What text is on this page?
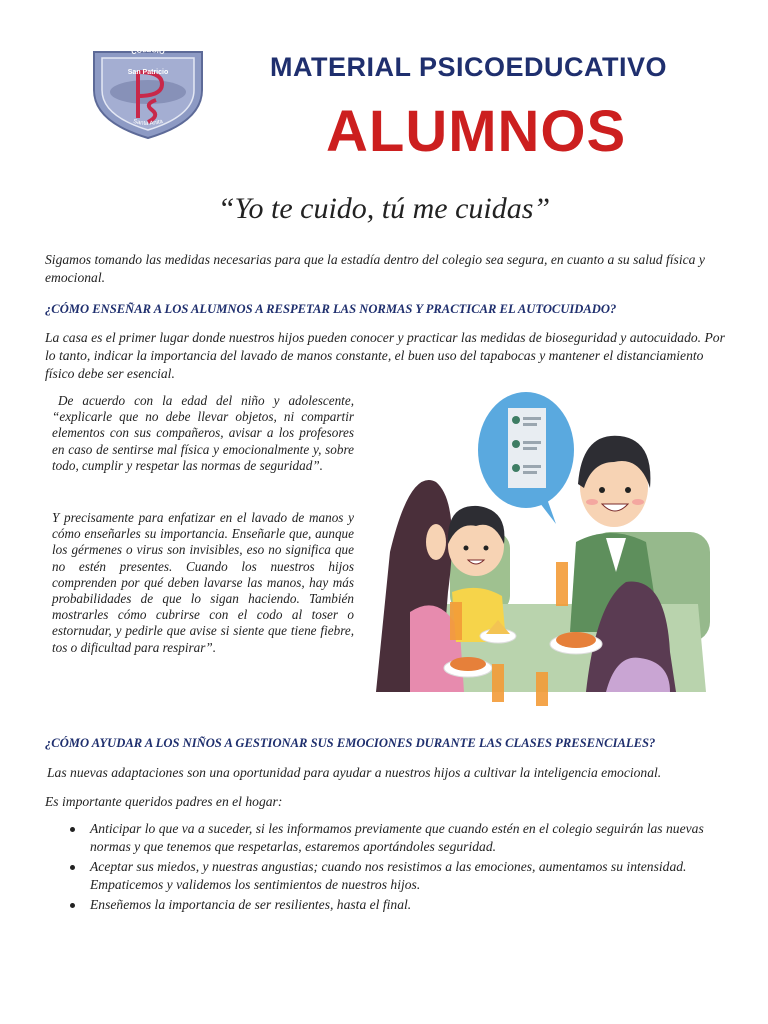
COLEGIO
San Patricio
Santa Anita
MATERIAL PSICOEDUCATIVO
ALUMNOS
“Yo te cuido, tú me cuidas”
Sigamos tomando las medidas necesarias para que la estadía dentro del colegio sea segura, en cuanto a su salud física y emocional.
¿CÓMO ENSEÑAR A LOS ALUMNOS A RESPETAR LAS NORMAS Y PRACTICAR EL AUTOCUIDADO?
La casa es el primer lugar donde nuestros hijos pueden conocer y practicar las medidas de bioseguridad y autocuidado. Por lo tanto, indicar la importancia del lavado de manos constante, el buen uso del tapabocas y mantener el distanciamiento físico debe ser esencial.
De acuerdo con la edad del niño y adolescente, “explicarle que no debe llevar objetos, ni compartir elementos con sus compañeros, avisar a los profesores en caso de sentirse mal física y emocionalmente y, sobre todo, cumplir y respetar las normas de seguridad”.
Y precisamente para enfatizar en el lavado de manos y cómo enseñarles su importancia. Enseñarle que, aunque los gérmenes o virus son invisibles, eso no significa que no estén presentes. Cuando los nuestros hijos comprenden por qué deben lavarse las manos, hay más probabilidades de que lo sigan haciendo. También mostrarles cómo cubrirse con el codo al toser o estornudar, y pedirle que avise si siente que tiene fiebre, tos o dificultad para respirar”.
¿CÓMO AYUDAR A LOS NIÑOS A GESTIONAR SUS EMOCIONES DURANTE LAS CLASES PRESENCIALES?
Las nuevas adaptaciones son una oportunidad para ayudar a nuestros hijos a cultivar la inteligencia emocional.
Es importante queridos padres en el hogar:
Anticipar lo que va a suceder, si les informamos previamente que cuando estén en el colegio seguirán las nuevas normas y que tenemos que respetarlas, estaremos aportándoles seguridad.
Aceptar sus miedos, y nuestras angustias; cuando nos resistimos a las emociones, aumentamos su intensidad. Empaticemos y validemos los sentimientos de nuestros hijos.
Enseñemos la importancia de ser resilientes, hasta el final.
